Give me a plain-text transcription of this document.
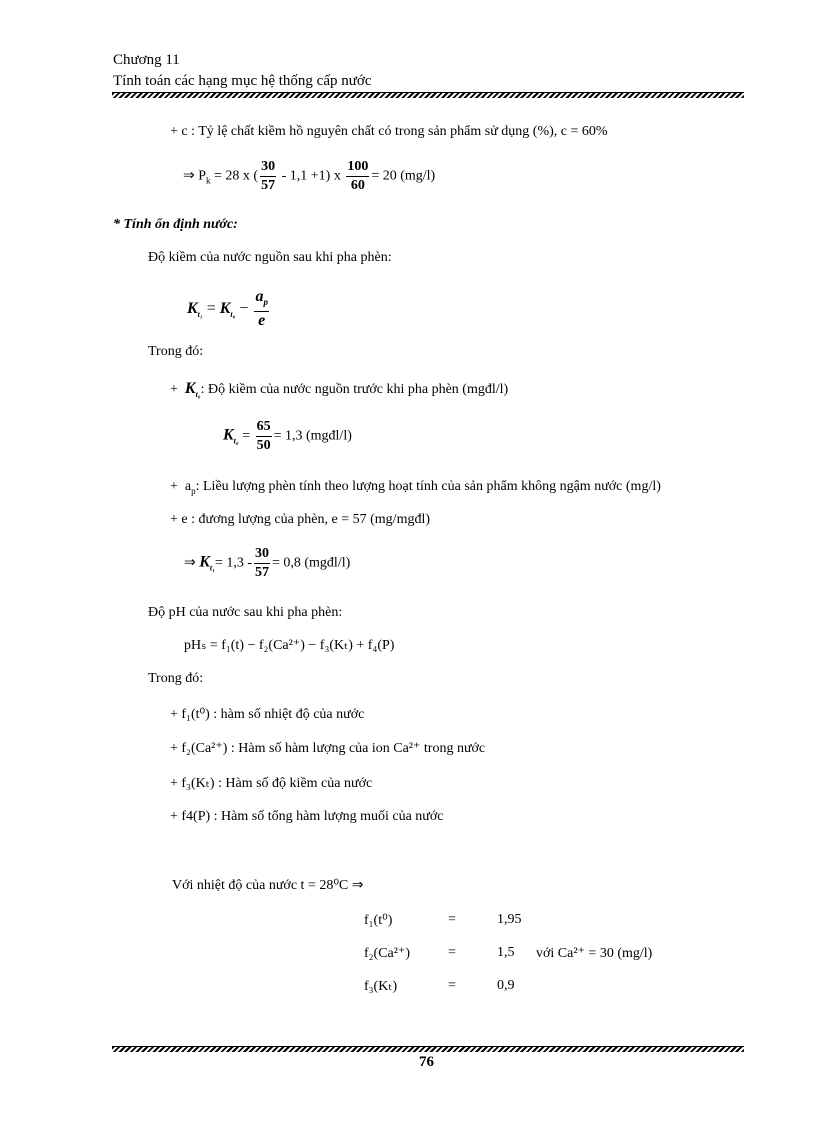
Chương 11
Tính toán các hạng mục hệ thống cấp nước
+ c : Tỷ lệ chất kiềm hồ nguyên chất có trong sản phẩm sử dụng (%), c = 60%
⇒ $P_k = 28$ x ( $\frac{30}{57} - 1,1 +1$) x $\frac{100}{60} = 20$ (mg/l)
* Tính ổn định nước:
Độ kiềm của nước nguồn sau khi pha phèn:
$K_{t_1} = K_{t_0} - \frac{a_p}{e}$
Trong đó:
+  $K_{t_0}$: Độ kiềm của nước nguồn trước khi pha phèn (mgđl/l)
$K_{t_0} = \frac{65}{50} = 1,3$ (mgđl/l)
+  $a_p$: Liều lượng phèn tính theo lượng hoạt tính của sản phẩm không ngậm nước (mg/l)
+ e : đương lượng của phèn, e = 57 (mg/mgđl)
⇒ $K_{t_1}= 1,3 - \frac{30}{57} = 0,8$ (mgđl/l)
Độ pH của nước sau khi pha phèn:
pHₛ = f₁(t) − f₂(Ca²⁺) − f₃(Kₜ) + f₄(P)
Trong đó:
+ f₁(t⁰) : hàm số nhiệt độ của nước
+ f₂(Ca²⁺) : Hàm số hàm lượng của ion Ca²⁺ trong nước
+ f₃(Kₜ) : Hàm số độ kiềm của nước
+ f4(P) : Hàm số tổng hàm lượng muối của nước
Với nhiệt độ của nước t = 28⁰C ⇒
f₁(t⁰)	=	1,95
f₂(Ca²⁺)	=	1,5 với Ca²⁺ = 30 (mg/l)
f₃(Kₜ)	=	0,9
76
